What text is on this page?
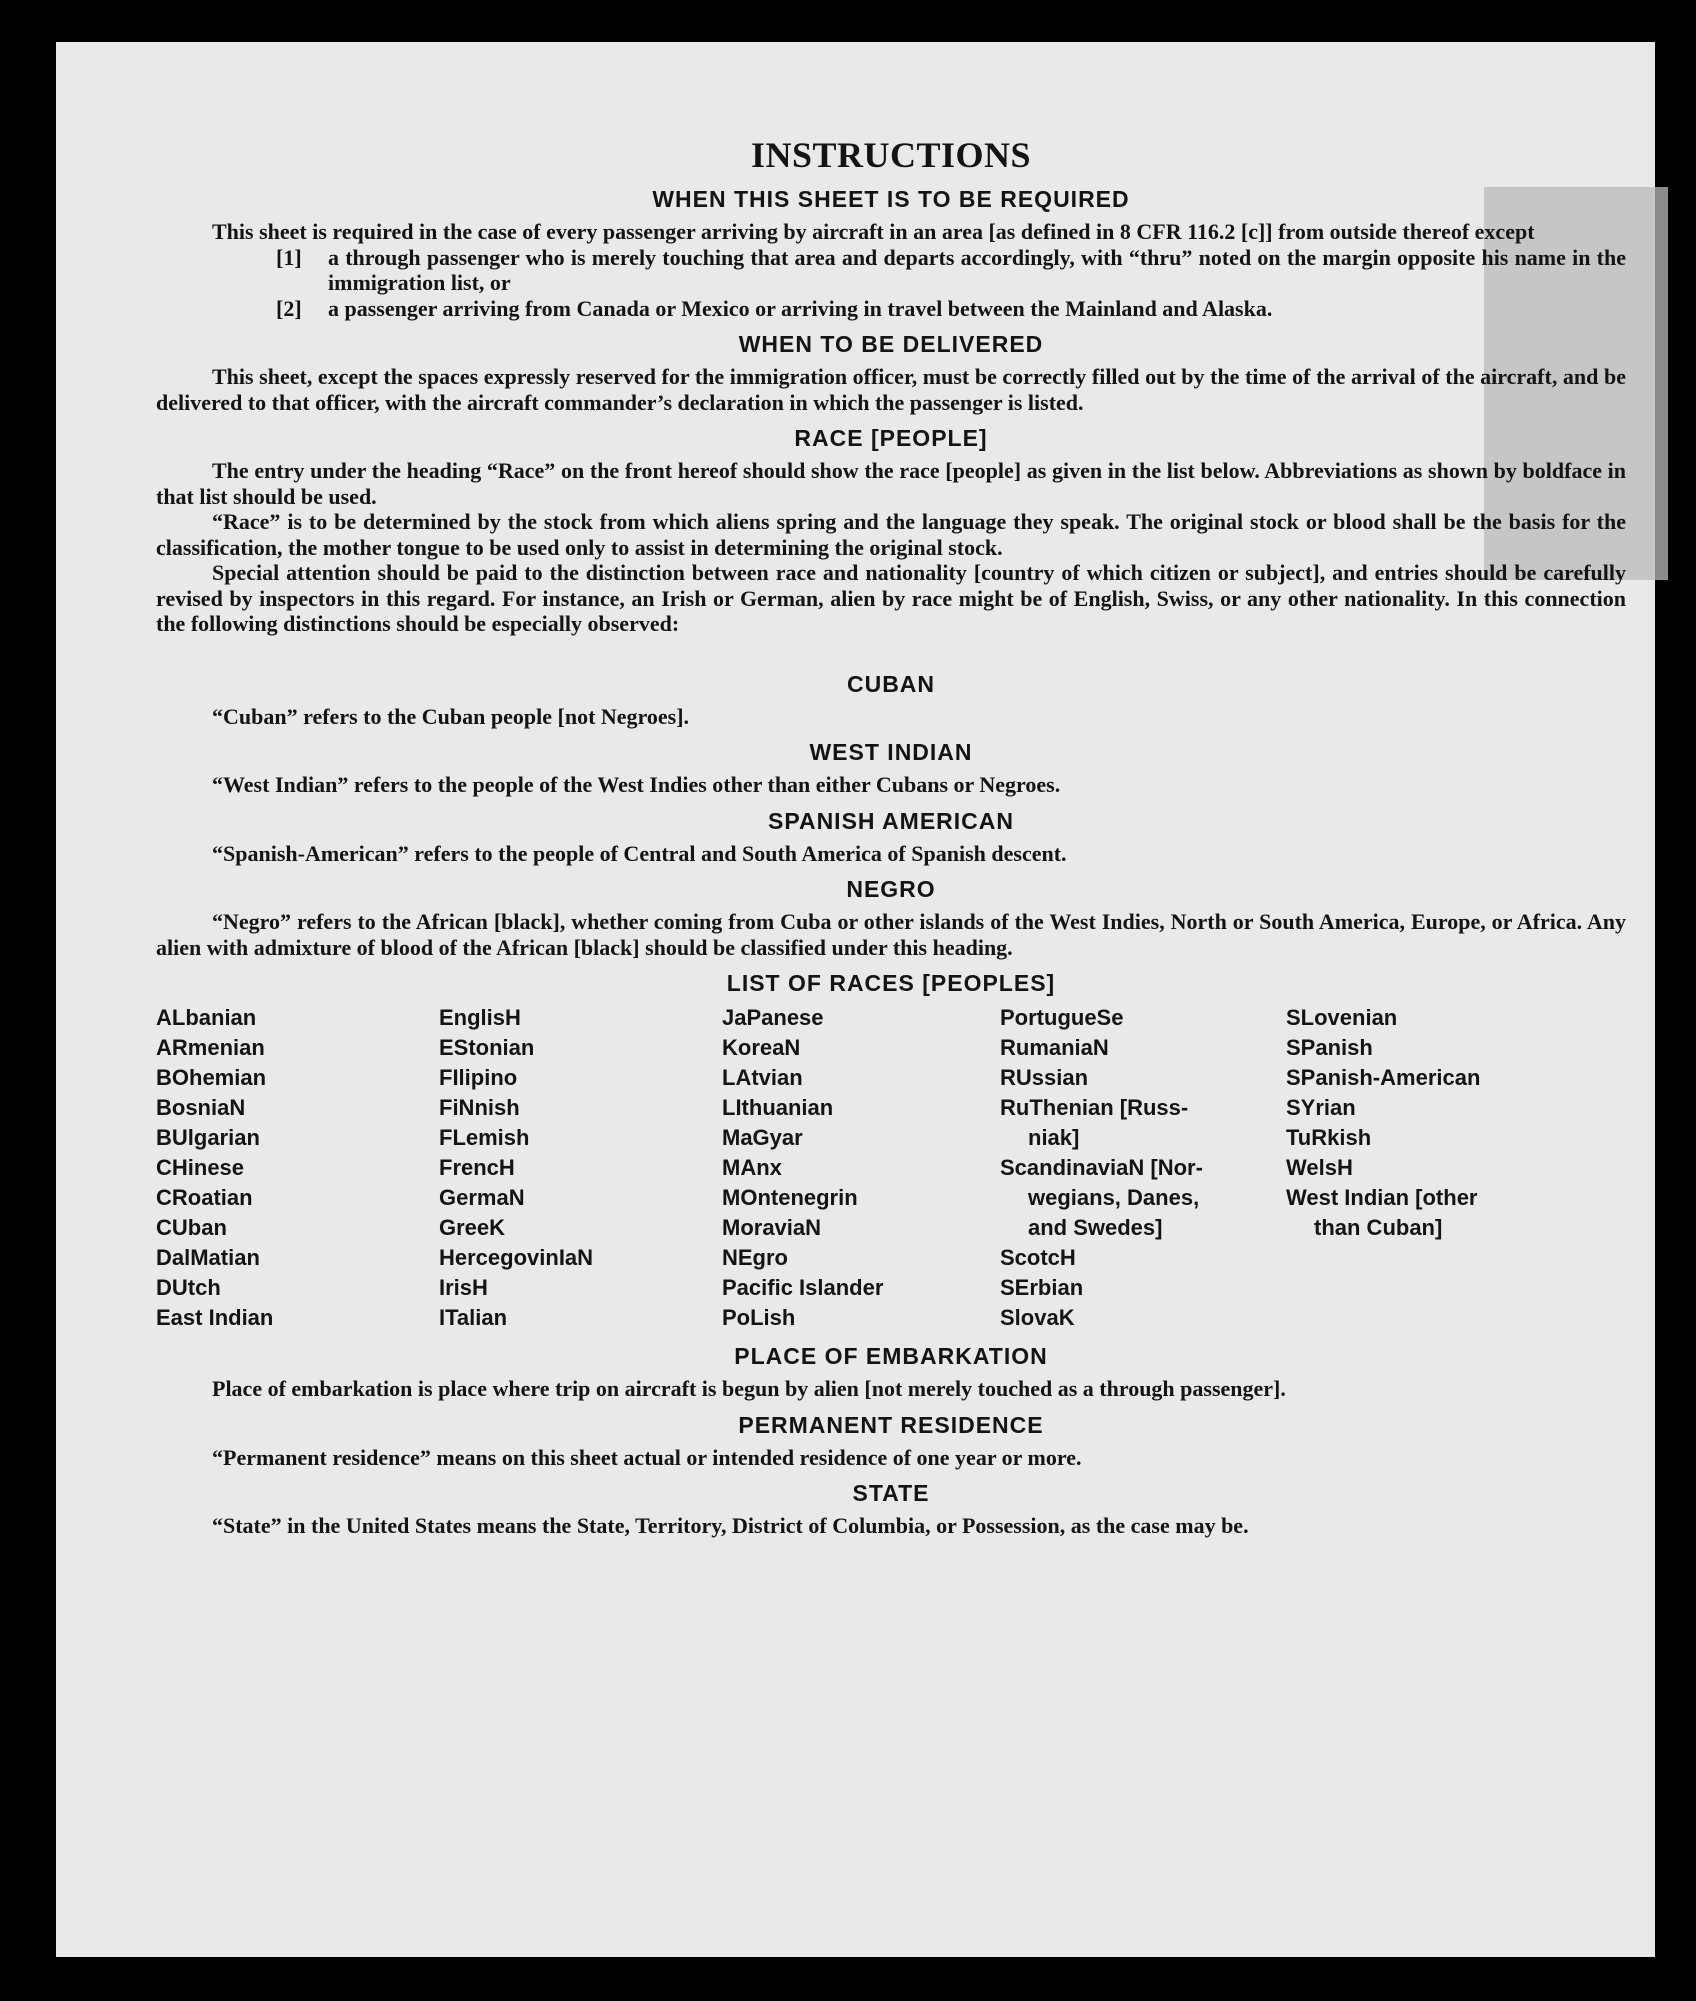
INSTRUCTIONS
WHEN THIS SHEET IS TO BE REQUIRED

This sheet is required in the case of every passenger arriving by aircraft in an area [as defined in 8 CFR 116.2 [c]] from outside thereof except

[1]	a through passenger who is merely touching that area and departs accordingly, with “thru” noted on the margin opposite his name in the immigration list, or
[2]	a passenger arriving from Canada or Mexico or arriving in travel between the Mainland and Alaska.
WHEN TO BE DELIVERED

This sheet, except the spaces expressly reserved for the immigration officer, must be correctly filled out by the time of the arrival of the aircraft, and be delivered to that officer, with the aircraft commander’s declaration in which the passenger is listed.

RACE [PEOPLE]

The entry under the heading “Race” on the front hereof should show the race [people] as given in the list below. Abbreviations as shown by boldface in that list should be used.

“Race” is to be determined by the stock from which aliens spring and the language they speak. The original stock or blood shall be the basis for the classification, the mother tongue to be used only to assist in determining the original stock.

Special attention should be paid to the distinction between race and nationality [country of which citizen or subject], and entries should be carefully revised by inspectors in this regard. For instance, an Irish or German, alien by race might be of English, Swiss, or any other nationality. In this connection the following distinctions should be especially observed:

CUBAN

“Cuban” refers to the Cuban people [not Negroes].

WEST INDIAN

“West Indian” refers to the people of the West Indies other than either Cubans or Negroes.

SPANISH AMERICAN

“Spanish-American” refers to the people of Central and South America of Spanish descent.

NEGRO

“Negro” refers to the African [black], whether coming from Cuba or other islands of the West Indies, North or South America, Europe, or Africa. Any alien with admixture of blood of the African [black] should be classified under this heading.

LIST OF RACES [PEOPLES]
ALbanian
ARmenian
BOhemian
BosniaN
BUlgarian
CHinese
CRoatian
CUban
DalMatian
DUtch
East Indian
EnglisH
EStonian
FIlipino
FiNnish
FLemish
FrencH
GermaN
GreeK
HercegovinIaN
IrisH
ITalian
JaPanese
KoreaN
LAtvian
LIthuanian
MaGyar
MAnx
MOntenegrin
MoraviaN
NEgro
Pacific Islander
PoLish
PortugueSe
RumaniaN
RUssian
RuThenian [Russ-
niak]
ScandinaviaN [Nor-
wegians, Danes,
and Swedes]
ScotcH
SErbian
SlovaK
SLovenian
SPanish
SPanish-American
SYrian
TuRkish
WelsH
West Indian [other
than Cuban]
PLACE OF EMBARKATION

Place of embarkation is place where trip on aircraft is begun by alien [not merely touched as a through passenger].

PERMANENT RESIDENCE

“Permanent residence” means on this sheet actual or intended residence of one year or more.

STATE

“State” in the United States means the State, Territory, District of Columbia, or Possession, as the case may be.
